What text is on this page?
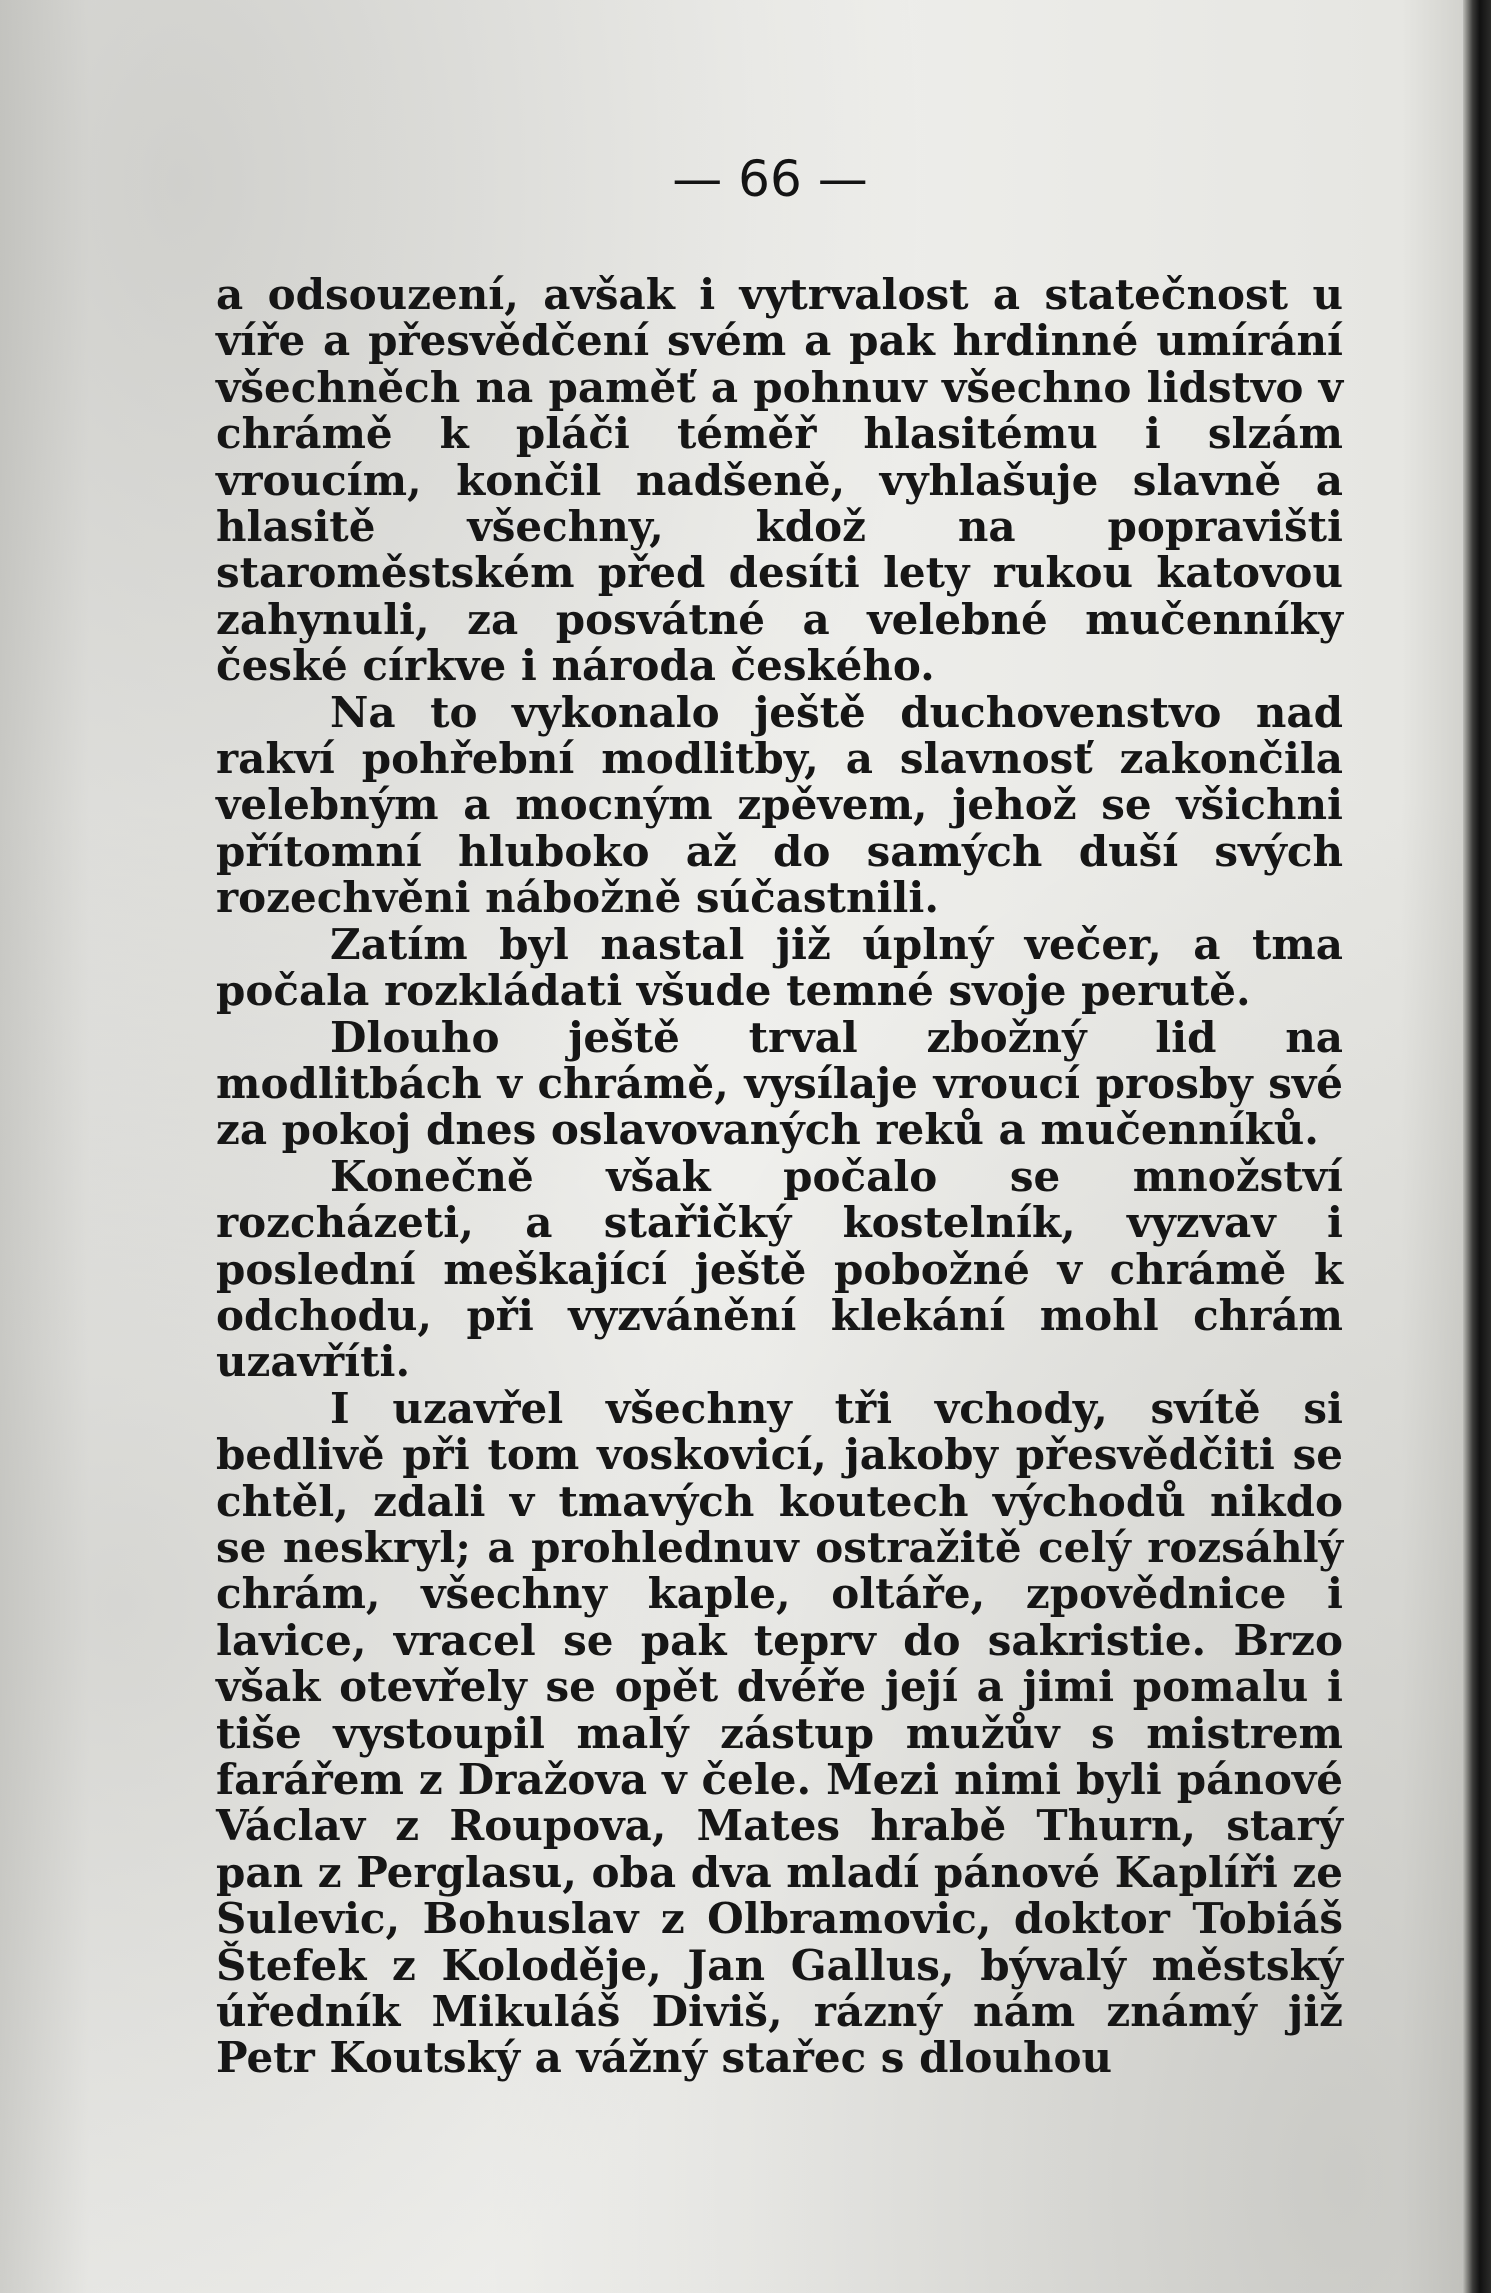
— 66 —

a odsouzení, avšak i vytrvalost a statečnost u víře a přesvědčení svém a pak hrdinné umírání všechněch na paměť a pohnuv všechno lidstvo v chrámě k pláči téměř hlasitému i slzám vroucím, končil nadšeně, vyhlašuje slavně a hlasitě všechny, kdož na popravišti staroměstském před desíti lety rukou katovou zahynuli, za posvátné a velebné mučenníky české církve i národa českého.

Na to vykonalo ještě duchovenstvo nad rakví pohřební modlitby, a slavnosť zakončila velebným a mocným zpěvem, jehož se všichni přítomní hluboko až do samých duší svých rozechvěni nábožně súčastnili.

Zatím byl nastal již úplný večer, a tma počala rozkládati všude temné svoje perutě.

Dlouho ještě trval zbožný lid na modlitbách v chrámě, vysílaje vroucí prosby své za pokoj dnes oslavovaných reků a mučenníků.

Konečně však počalo se množství rozcházeti, a stařičký kostelník, vyzvav i poslední meškající ještě pobožné v chrámě k odchodu, při vyzvánění klekání mohl chrám uzavříti.

I uzavřel všechny tři vchody, svítě si bedlivě při tom voskovicí, jakoby přesvědčiti se chtěl, zdali v tmavých koutech východů nikdo se neskryl; a prohlednuv ostražitě celý rozsáhlý chrám, všechny kaple, oltáře, zpovědnice i lavice, vracel se pak teprv do sakristie. Brzo však otevřely se opět dvéře její a jimi pomalu i tiše vystoupil malý zástup mužův s mistrem farářem z Dražova v čele. Mezi nimi byli pánové Václav z Roupova, Mates hrabě Thurn, starý pan z Perglasu, oba dva mladí pánové Kaplíři ze Sulevic, Bohuslav z Olbramovic, doktor Tobiáš Štefek z Koloděje, Jan Gallus, bývalý městský úředník Mikuláš Diviš, rázný nám známý již Petr Koutský a vážný stařec s dlouhou
